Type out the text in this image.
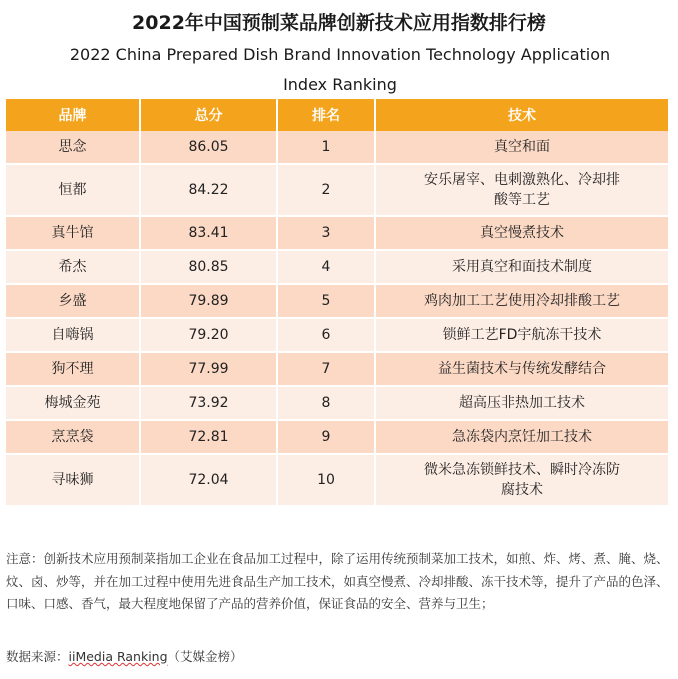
2022年中国预制菜品牌创新技术应用指数排行榜
2022 China Prepared Dish Brand Innovation Technology Application Index Ranking
品牌	总分	排名	技术
思念	86.05	1	真空和面
恒都	84.22	2	安乐屠宰、电刺激熟化、冷却排酸等工艺
真牛馆	83.41	3	真空慢煮技术
希杰	80.85	4	采用真空和面技术制度
乡盛	79.89	5	鸡肉加工工艺使用冷却排酸工艺
自嗨锅	79.20	6	锁鲜工艺FD宇航冻干技术
狗不理	77.99	7	益生菌技术与传统发酵结合
梅城金苑	73.92	8	超高压非热加工技术
烹烹袋	72.81	9	急冻袋内烹饪加工技术
寻味狮	72.04	10	微米急冻锁鲜技术、瞬时冷冻防腐技术
注意：创新技术应用预制菜指加工企业在食品加工过程中，除了运用传统预制菜加工技术，如煎、炸、烤、煮、腌、烧、炆、卤、炒等，并在加工过程中使用先进食品生产加工技术，如真空慢煮、冷却排酸、冻干技术等，提升了产品的色泽、口味、口感、香气，最大程度地保留了产品的营养价值，保证食品的安全、营养与卫生；
数据来源：iiMedia Ranking（艾媒金榜）
